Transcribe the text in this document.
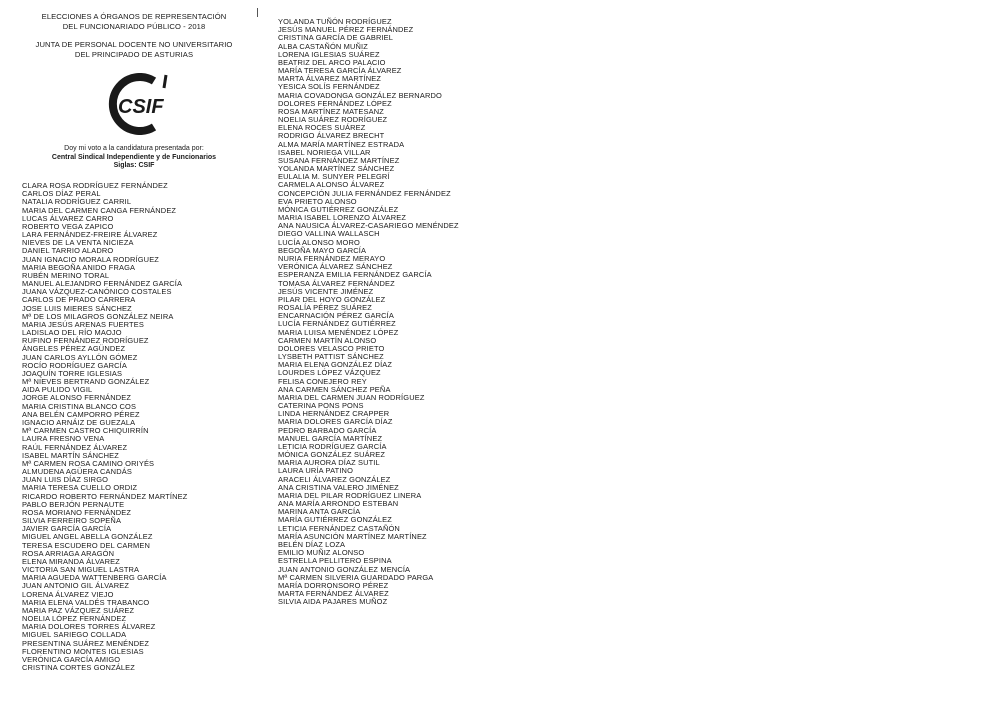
ELECCIONES A ÓRGANOS DE REPRESENTACIÓN
DEL FUNCIONARIADO PÚBLICO - 2018
JUNTA DE PERSONAL DOCENTE NO UNIVERSITARIO
DEL PRINCIPADO DE ASTURIAS
CSIF
Doy mi voto a la candidatura presentada por:
Central Sindical Independiente y de Funcionarios
Siglas: CSIF
CLARA ROSA RODRÍGUEZ FERNÁNDEZ
CARLOS DÍAZ PERAL
NATALIA RODRÍGUEZ CARRIL
MARIA DEL CARMEN CANGA FERNÁNDEZ
LUCAS ÁLVAREZ CARRO
ROBERTO VEGA ZAPICO
LARA FERNÁNDEZ-FREIRE ÁLVAREZ
NIEVES DE LA VENTA NICIEZA
DANIEL TARRIO ALADRO
JUAN IGNACIO MORALA RODRÍGUEZ
MARIA BEGOÑA ANIDO FRAGA
RUBÉN MERINO TORAL
MANUEL ALEJANDRO FERNÁNDEZ GARCÍA
JUANA VÁZQUEZ-CANÓNICO COSTALES
CARLOS DE PRADO CARRERA
JOSE LUIS MIERES SÁNCHEZ
Mª DE LOS MILAGROS GONZÁLEZ NEIRA
MARIA JESÚS ARENAS FUERTES
LADISLAO DEL RÍO MAOJO
RUFINO FERNÁNDEZ RODRÍGUEZ
ÁNGELES PÉREZ AGÜNDEZ
JUAN CARLOS AYLLÓN GÓMEZ
ROCÍO RODRÍGUEZ GARCÍA
JOAQUÍN TORRE IGLESIAS
Mª NIEVES BERTRAND GONZÁLEZ
AIDA PULIDO VIGIL
JORGE ALONSO FERNÁNDEZ
MARIA CRISTINA BLANCO COS
ANA BELÉN CAMPORRO PÉREZ
IGNACIO ARNÁIZ DE GUEZALA
Mª CARMEN CASTRO CHIQUIRRÍN
LAURA FRESNO VENA
RAÚL FERNÁNDEZ ÁLVAREZ
ISABEL MARTÍN SÁNCHEZ
Mª CARMEN ROSA CAMINO ORIYÉS
ALMUDENA AGÜERA CANDÁS
JUAN LUIS DÍAZ SIRGO
MARIA TERESA CUELLO ORDIZ
RICARDO ROBERTO FERNÁNDEZ MARTÍNEZ
PABLO BERJÓN PERNAUTE
ROSA MORIANO FERNÁNDEZ
SILVIA FERREIRO SOPEÑA
JAVIER GARCÍA GARCÍA
MIGUEL ANGEL ABELLA GONZÁLEZ
TERESA ESCUDERO DEL CARMEN
ROSA ARRIAGA ARAGÓN
ELENA MIRANDA ÁLVAREZ
VICTORIA SAN MIGUEL LASTRA
MARIA AGUEDA WATTENBERG GARCÍA
JUAN ANTONIO GIL ÁLVAREZ
LORENA ÁLVAREZ VIEJO
MARIA ELENA VALDÉS TRABANCO
MARIA PAZ VÁZQUEZ SUÁREZ
NOELIA LÓPEZ FERNÁNDEZ
MARIA DOLORES TORRES ÁLVAREZ
MIGUEL SARIEGO COLLADA
PRESENTINA SUÁREZ MENÉNDEZ
FLORENTINO MONTES IGLESIAS
VERÓNICA GARCÍA AMIGO
CRISTINA CORTES GONZÁLEZ
YOLANDA TUÑÓN RODRÍGUEZ
JESÚS MANUEL PÉREZ FERNÁNDEZ
CRISTINA GARCÍA DE GABRIEL
ALBA CASTAÑÓN MUÑIZ
LORENA IGLESIAS SUÁREZ
BEATRIZ DEL ARCO PALACIO
MARÍA TERESA GARCÍA ÁLVAREZ
MARTA ÁLVAREZ MARTÍNEZ
YESICA SOLÍS FERNÁNDEZ
MARIA COVADONGA GONZÁLEZ BERNARDO
DOLORES FERNÁNDEZ LÓPEZ
ROSA MARTÍNEZ MATESANZ
NOELIA SUÁREZ RODRÍGUEZ
ELENA ROCES SUÁREZ
RODRIGO ÁLVAREZ BRECHT
ALMA MARÍA MARTÍNEZ ESTRADA
ISABEL NORIEGA VILLAR
SUSANA FERNÁNDEZ MARTÍNEZ
YOLANDA MARTÍNEZ SÁNCHEZ
EULALIA M. SUNYER PELEGRÍ
CARMELA ALONSO ÁLVAREZ
CONCEPCIÓN JULIA FERNÁNDEZ FERNÁNDEZ
EVA PRIETO ALONSO
MÓNICA GUTIÉRREZ GONZÁLEZ
MARIA ISABEL LORENZO ÁLVAREZ
ANA NAUSICA ÁLVAREZ-CASARIEGO MENÉNDEZ
DIEGO VALLINA WALLASCH
LUCÍA ALONSO MORO
BEGOÑA MAYO GARCÍA
NURIA FERNÁNDEZ MERAYO
VERÓNICA ÁLVAREZ SÁNCHEZ
ESPERANZA EMILIA FERNÁNDEZ GARCÍA
TOMASA ÁLVAREZ FERNÁNDEZ
JESÚS VICENTE JIMÉNEZ
PILAR DEL HOYO GONZÁLEZ
ROSALÍA PÉREZ SUÁREZ
ENCARNACIÓN PÉREZ GARCÍA
LUCÍA FERNÁNDEZ GUTIÉRREZ
MARIA LUISA MENÉNDEZ LÓPEZ
CARMEN MARTÍN ALONSO
DOLORES VELASCO PRIETO
LYSBETH PATTIST SÁNCHEZ
MARIA ELENA GONZÁLEZ DÍAZ
LOURDES LÓPEZ VÁZQUEZ
FELISA CONEJERO REY
ANA CARMEN SÁNCHEZ PEÑA
MARIA DEL CARMEN JUAN RODRÍGUEZ
CATERINA PONS PONS
LINDA HERNÁNDEZ CRAPPER
MARIA DOLORES GARCÍA DÍAZ
PEDRO BARBADO GARCÍA
MANUEL GARCÍA MARTÍNEZ
LETICIA RODRÍGUEZ GARCÍA
MÓNICA GONZÁLEZ SUÁREZ
MARIA AURORA DÍAZ SUTIL
LAURA URÍA PATINO
ARACELI ÁLVAREZ GONZÁLEZ
ANA CRISTINA VALERO JIMÉNEZ
MARIA DEL PILAR RODRÍGUEZ LINERA
ANA MARÍA ARRONDO ESTEBAN
MARINA ANTA GARCÍA
MARÍA GUTIÉRREZ GONZÁLEZ
LETICIA FERNÁNDEZ CASTAÑÓN
MARÍA ASUNCIÓN MARTÍNEZ MARTÍNEZ
BELÉN DÍAZ LOZA
EMILIO MUÑIZ ALONSO
ESTRELLA PELLITERO ESPINA
JUAN ANTONIO GONZÁLEZ MENCÍA
Mª CARMEN SILVERIA GUARDADO PARGA
MARÍA DORRONSORO PÉREZ
MARTA FERNÁNDEZ ÁLVAREZ
SILVIA AIDA PAJARES MUÑOZ
